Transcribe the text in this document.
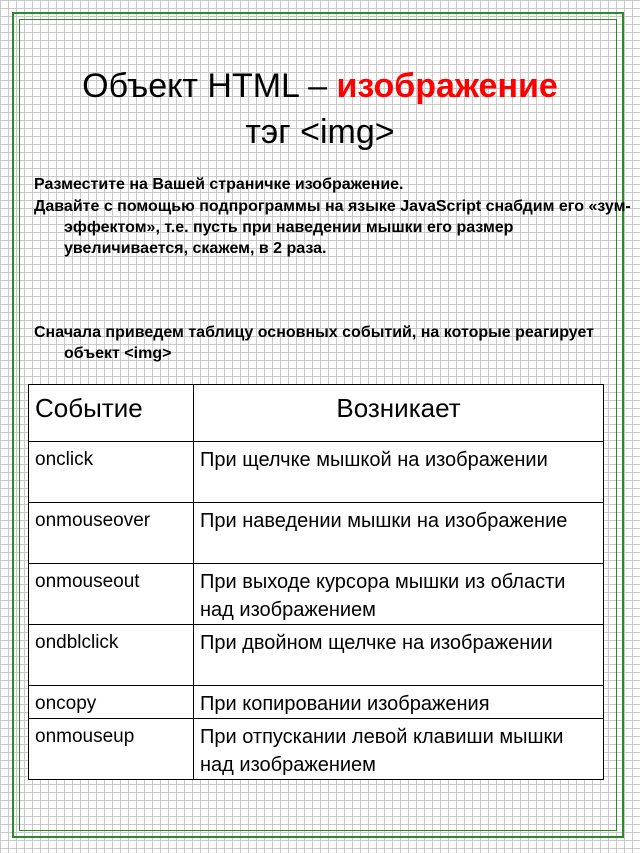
Объект HTML – изображение
тэг <img>

Разместите на Вашей страничке изображение.

Давайте с помощью подпрограммы на языке JavaScript снабдим его «зум-эффектом», т.е. пусть при наведении мышки его размер увеличивается, скажем, в 2 раза.

Сначала приведем таблицу основных событий, на которые реагирует объект <img>

Событие	Возникает
onclick	При щелчке мышкой на изображении
onmouseover	При наведении мышки на изображение
onmouseout	При выходе курсора мышки из области над изображением
ondblclick	При двойном щелчке на изображении
oncopy	При копировании изображения
onmouseup	При отпускании левой клавиши мышки над изображением
